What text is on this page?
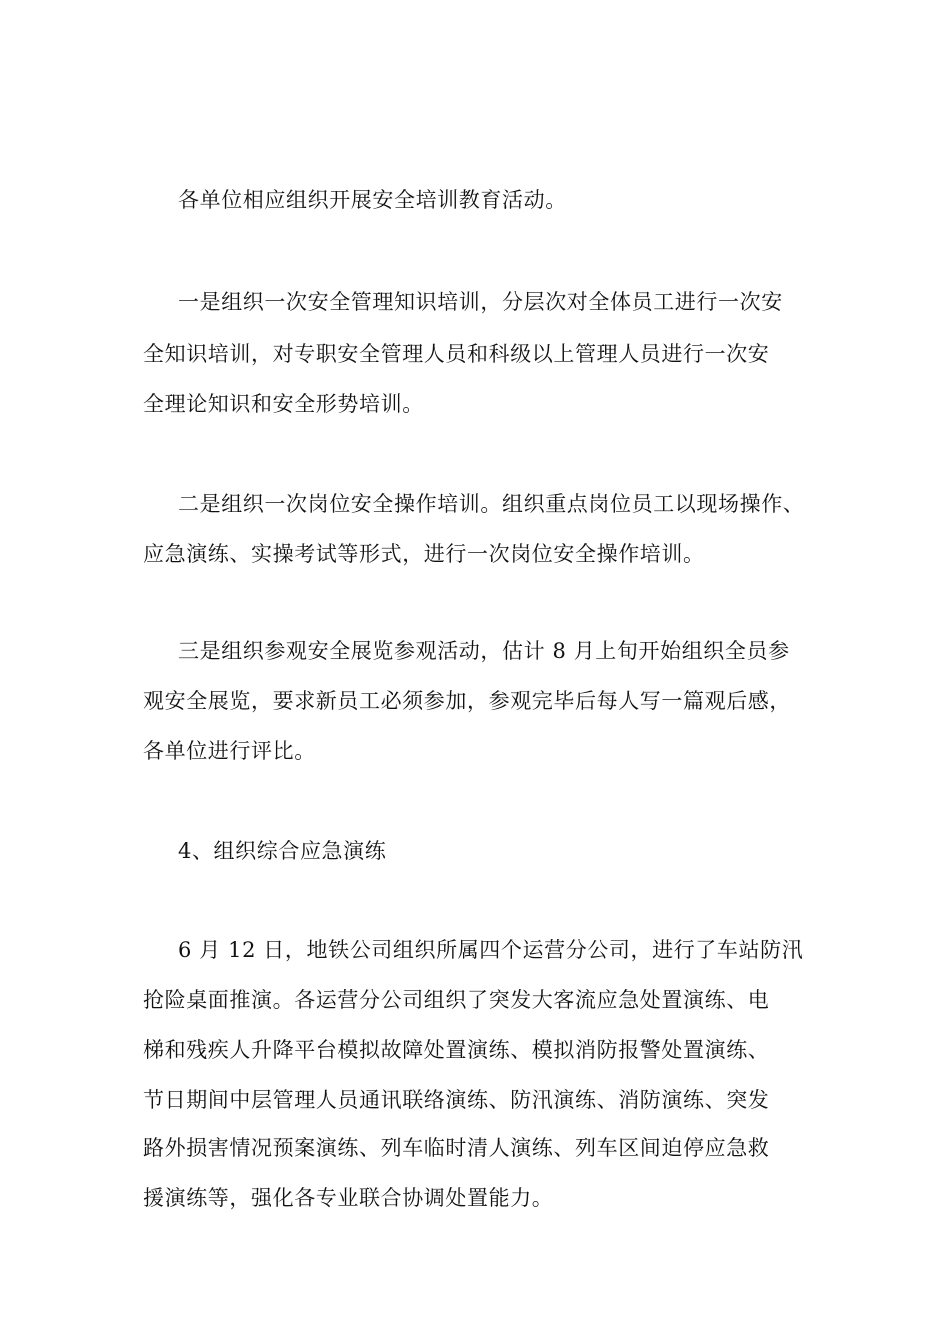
各单位相应组织开展安全培训教育活动。
一是组织一次安全管理知识培训，分层次对全体员工进行一次安
全知识培训，对专职安全管理人员和科级以上管理人员进行一次安
全理论知识和安全形势培训。
二是组织一次岗位安全操作培训。组织重点岗位员工以现场操作、
应急演练、实操考试等形式，进行一次岗位安全操作培训。
三是组织参观安全展览参观活动，估计 8 月上旬开始组织全员参
观安全展览，要求新员工必须参加，参观完毕后每人写一篇观后感，
各单位进行评比。
4、组织综合应急演练
6 月 12 日，地铁公司组织所属四个运营分公司，进行了车站防汛
抢险桌面推演。各运营分公司组织了突发大客流应急处置演练、电
梯和残疾人升降平台模拟故障处置演练、模拟消防报警处置演练、
节日期间中层管理人员通讯联络演练、防汛演练、消防演练、突发
路外损害情况预案演练、列车临时清人演练、列车区间迫停应急救
援演练等，强化各专业联合协调处置能力。
